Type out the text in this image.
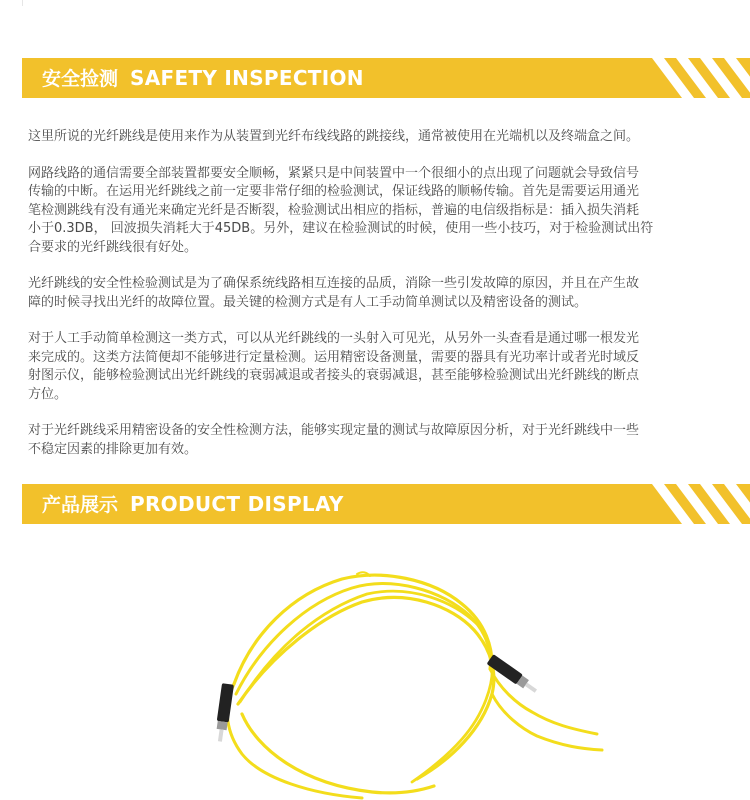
安全捡测 SAFETY INSPECTION

这里所说的光纤跳线是使用来作为从装置到光纤布线线路的跳接线，通常被使用在光端机以及终端盒之间。

网路线路的通信需要全部装置都要安全顺畅，紧紧只是中间装置中一个很细小的点出现了问题就会导致信号
传输的中断。在运用光纤跳线之前一定要非常仔细的检验测试，保证线路的顺畅传输。首先是需要运用通光
笔检测跳线有没有通光来确定光纤是否断裂，检验测试出相应的指标，普遍的电信级指标是：插入损失消耗
小于0.3DB， 回波损失消耗大于45DB。另外，建议在检验测试的时候，使用一些小技巧，对于检验测试出符
合要求的光纤跳线很有好处。

光纤跳线的安全性检验测试是为了确保系统线路相互连接的品质，消除一些引发故障的原因，并且在产生故
障的时候寻找出光纤的故障位置。最关键的检测方式是有人工手动简单测试以及精密设备的测试。

对于人工手动简单检测这一类方式，可以从光纤跳线的一头射入可见光，从另外一头查看是通过哪一根发光
来完成的。这类方法简便却不能够进行定量检测。运用精密设备测量，需要的器具有光功率计或者光时域反
射图示仪，能够检验测试出光纤跳线的衰弱减退或者接头的衰弱减退，甚至能够检验测试出光纤跳线的断点
方位。

对于光纤跳线采用精密设备的安全性检测方法，能够实现定量的测试与故障原因分析，对于光纤跳线中一些
不稳定因素的排除更加有效。

产品展示 PRODUCT DISPLAY
